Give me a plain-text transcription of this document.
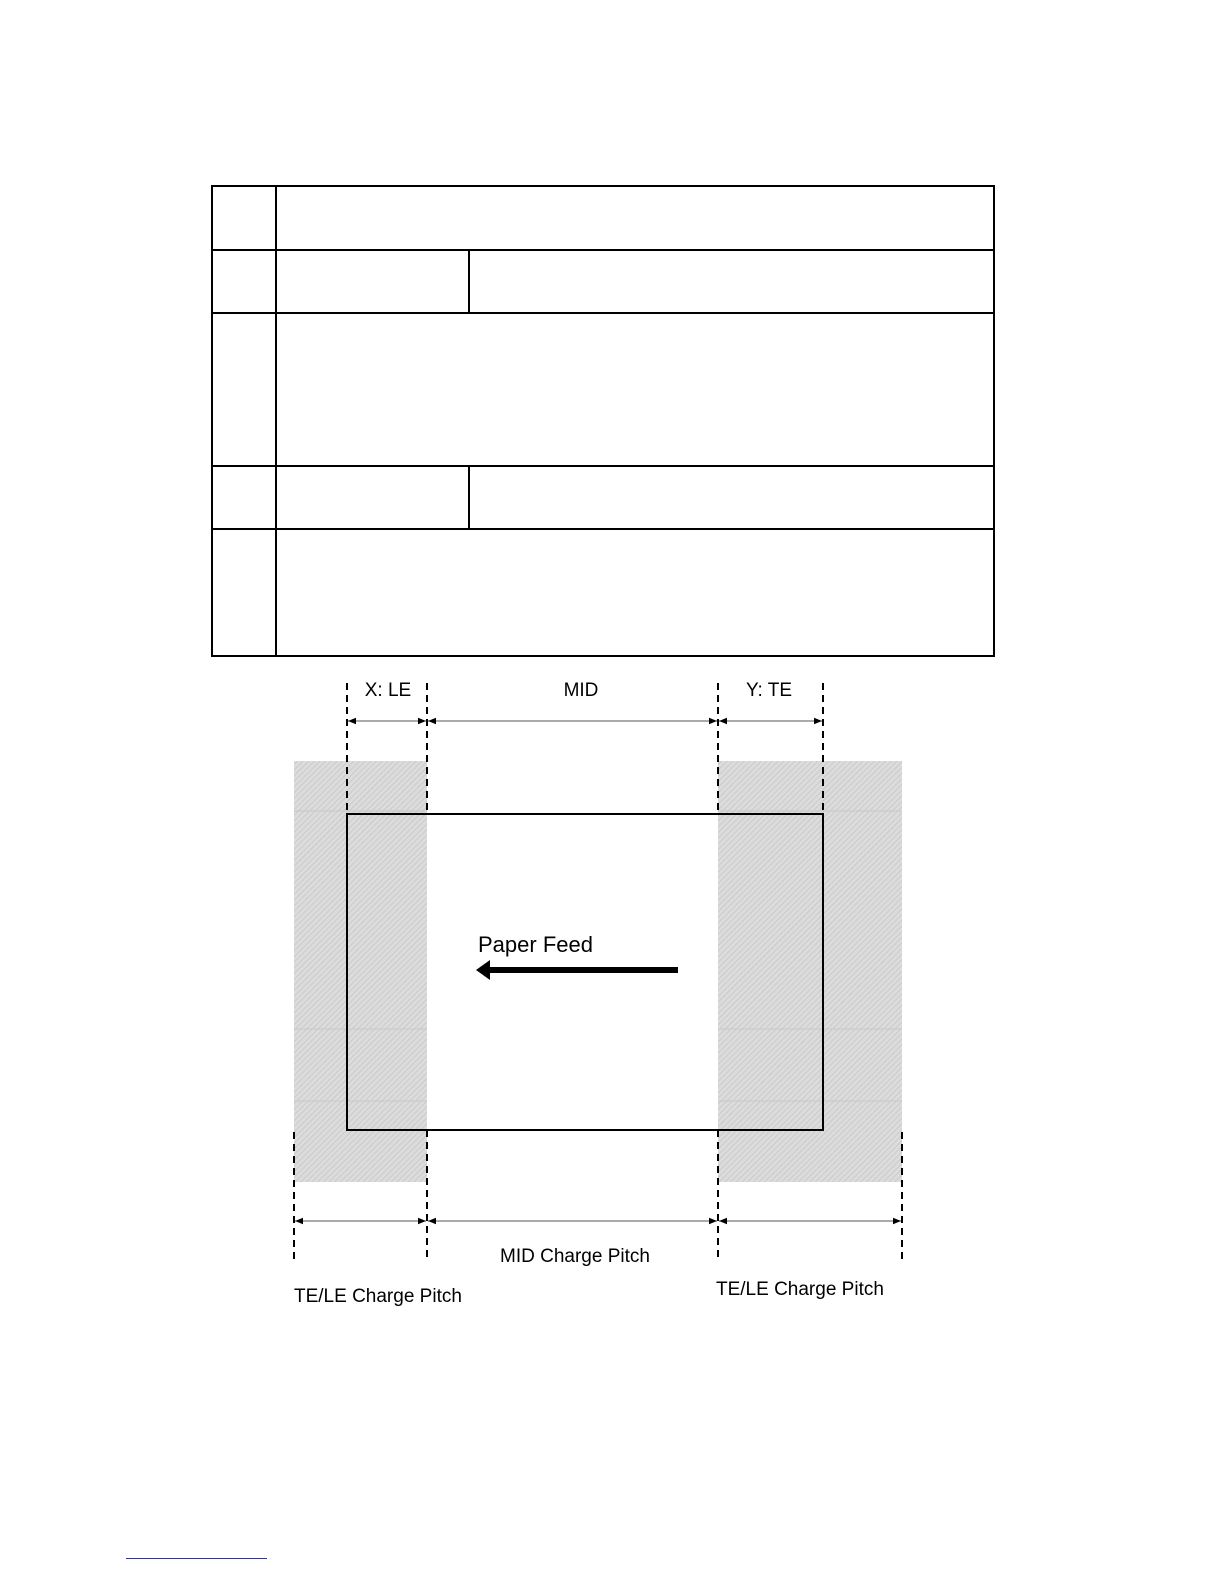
X: LE	MID	Y: TE
Paper Feed
MID Charge Pitch
TE/LE Charge Pitch	TE/LE Charge Pitch
